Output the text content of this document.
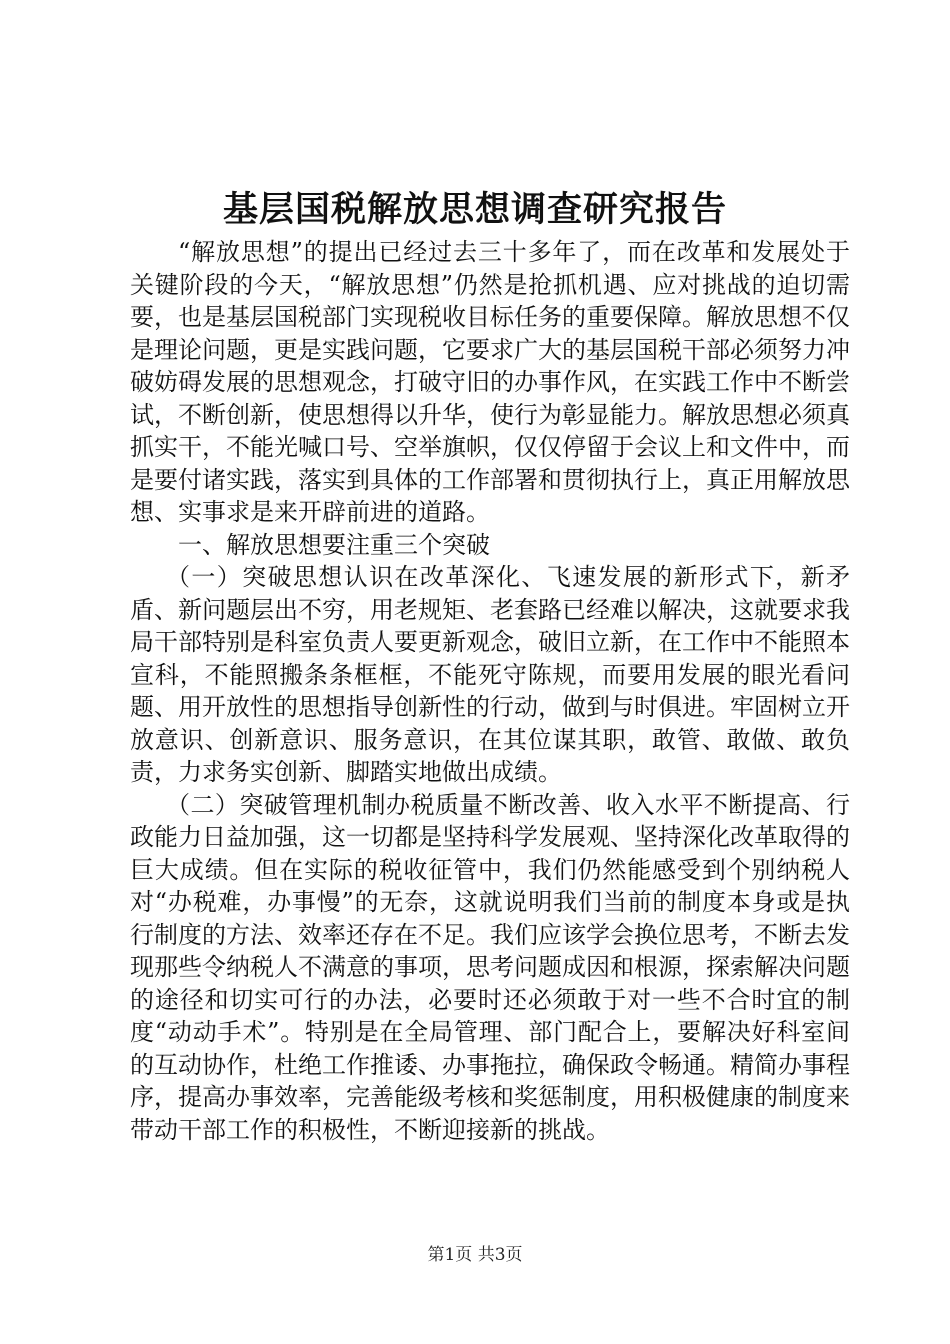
基层国税解放思想调查研究报告

“解放思想”的提出已经过去三十多年了，而在改革和发展处于关键阶段的今天，“解放思想”仍然是抢抓机遇、应对挑战的迫切需要，也是基层国税部门实现税收目标任务的重要保障。解放思想不仅是理论问题，更是实践问题，它要求广大的基层国税干部必须努力冲破妨碍发展的思想观念，打破守旧的办事作风，在实践工作中不断尝试，不断创新，使思想得以升华，使行为彰显能力。解放思想必须真抓实干，不能光喊口号、空举旗帜，仅仅停留于会议上和文件中，而是要付诸实践，落实到具体的工作部署和贯彻执行上，真正用解放思想、实事求是来开辟前进的道路。

一、解放思想要注重三个突破

（一）突破思想认识在改革深化、飞速发展的新形式下，新矛盾、新问题层出不穷，用老规矩、老套路已经难以解决，这就要求我局干部特别是科室负责人要更新观念，破旧立新，在工作中不能照本宣科，不能照搬条条框框，不能死守陈规，而要用发展的眼光看问题、用开放性的思想指导创新性的行动，做到与时俱进。牢固树立开放意识、创新意识、服务意识，在其位谋其职，敢管、敢做、敢负责，力求务实创新、脚踏实地做出成绩。

（二）突破管理机制办税质量不断改善、收入水平不断提高、行政能力日益加强，这一切都是坚持科学发展观、坚持深化改革取得的巨大成绩。但在实际的税收征管中，我们仍然能感受到个别纳税人对“办税难，办事慢”的无奈，这就说明我们当前的制度本身或是执行制度的方法、效率还存在不足。我们应该学会换位思考，不断去发现那些令纳税人不满意的事项，思考问题成因和根源，探索解决问题的途径和切实可行的办法，必要时还必须敢于对一些不合时宜的制度“动动手术”。特别是在全局管理、部门配合上，要解决好科室间的互动协作，杜绝工作推诿、办事拖拉，确保政令畅通。精简办事程序，提高办事效率，完善能级考核和奖惩制度，用积极健康的制度来带动干部工作的积极性，不断迎接新的挑战。

第1页 共3页
